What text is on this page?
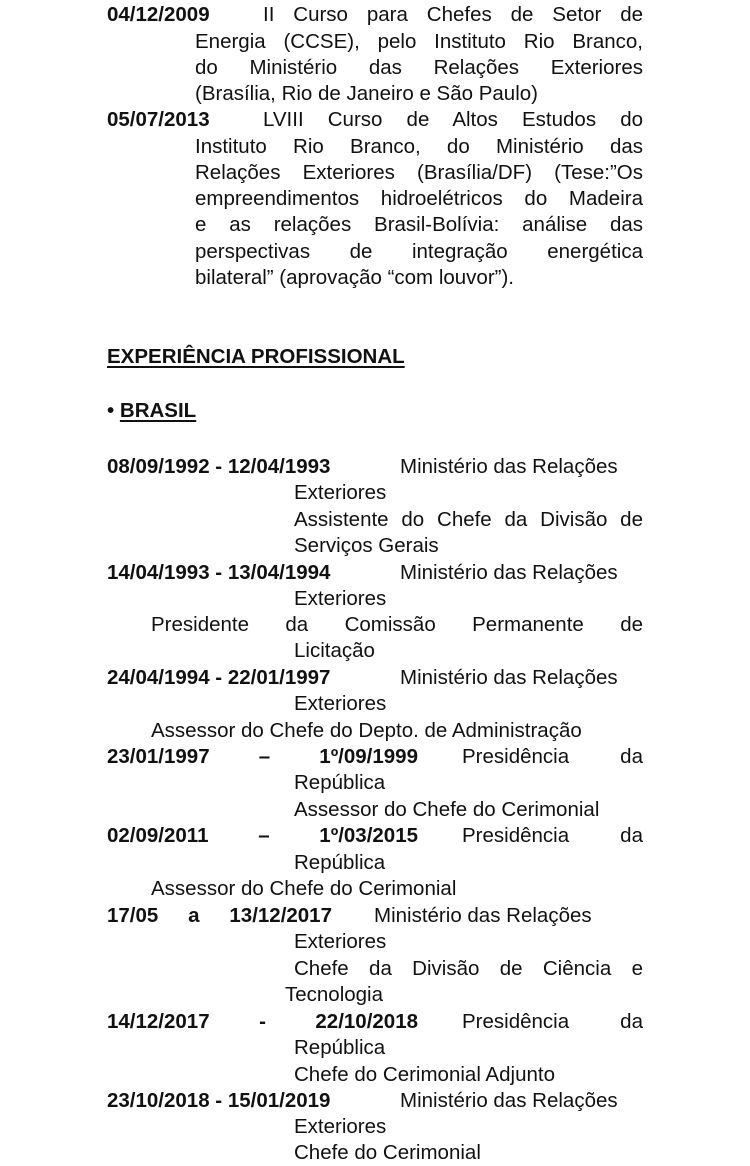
04/12/2009	II Curso para Chefes de Setor de
Energia (CCSE), pelo Instituto Rio Branco,
do Ministério das Relações Exteriores
(Brasília, Rio de Janeiro e São Paulo)
05/07/2013	LVIII Curso de Altos Estudos do
Instituto Rio Branco, do Ministério das
Relações Exteriores (Brasília/DF) (Tese:”Os
empreendimentos hidroelétricos do Madeira
e as relações Brasil-Bolívia: análise das
perspectivas de integração energética
bilateral” (aprovação “com louvor”).
EXPERIÊNCIA PROFISSIONAL
• BRASIL
08/09/1992 - 12/04/1993	Ministério das Relações
Exteriores
Assistente do Chefe da Divisão de
Serviços Gerais
14/04/1993 - 13/04/1994	Ministério das Relações
Exteriores
Presidente da Comissão Permanente de
Licitação
24/04/1994 - 22/01/1997	Ministério das Relações
Exteriores
Assessor do Chefe do Depto. de Administração
23/01/1997 – 1º/09/1999 Presidência da
República
Assessor do Chefe do Cerimonial
02/09/2011 – 1º/03/2015 Presidência da
República
Assessor do Chefe do Cerimonial
17/05 a 13/12/2017 Ministério das Relações
Exteriores
Chefe da Divisão de Ciência e
Tecnologia
14/12/2017 - 22/10/2018 Presidência da
República
Chefe do Cerimonial Adjunto
23/10/2018 - 15/01/2019	Ministério das Relações
Exteriores
Chefe do Cerimonial
